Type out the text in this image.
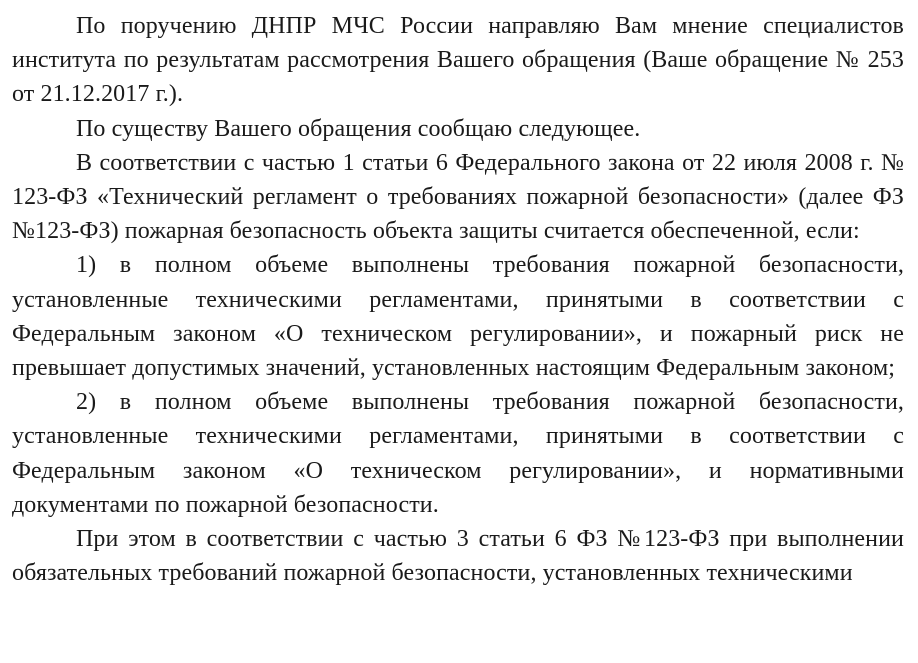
По поручению ДНПР МЧС России направляю Вам мнение специалистов института по результатам рассмотрения Вашего обращения (Ваше обращение № 253 от 21.12.2017 г.).

По существу Вашего обращения сообщаю следующее.

В соответствии с частью 1 статьи 6 Федерального закона от 22 июля 2008 г. № 123-ФЗ «Технический регламент о требованиях пожарной безопасности» (далее ФЗ №123-ФЗ) пожарная безопасность объекта защиты считается обеспеченной, если:

1) в полном объеме выполнены требования пожарной безопасности, установленные техническими регламентами, принятыми в соответствии с Федеральным законом «О техническом регулировании», и пожарный риск не превышает допустимых значений, установленных настоящим Федеральным законом;

2) в полном объеме выполнены требования пожарной безопасности, установленные техническими регламентами, принятыми в соответствии с Федеральным законом «О техническом регулировании», и нормативными документами по пожарной безопасности.

При этом в соответствии с частью 3 статьи 6 ФЗ №123-ФЗ при выполнении обязательных требований пожарной безопасности, установленных техническими
